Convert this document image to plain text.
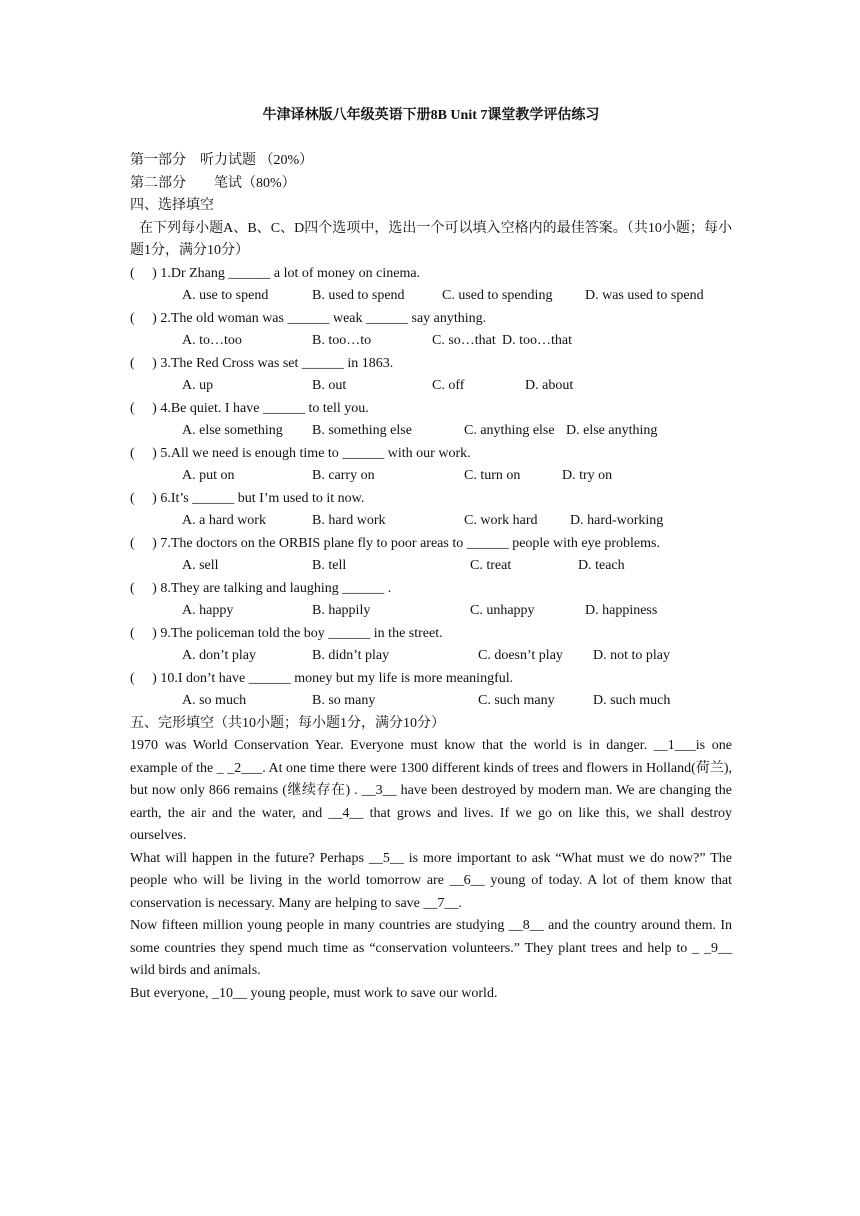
牛津译林版八年级英语下册8B Unit 7课堂教学评估练习
第一部分　听力试题 （20%）
第二部分　　笔试（80%）
四、选择填空
在下列每小题A、B、C、D四个选项中，选出一个可以填入空格内的最佳答案。（共10小题；每小题1分，满分10分）
(　 ) 1.Dr Zhang ______ a lot of money on cinema.
A. use to spend	B. used to spend	C. used to spending D. was used to spend
(　 ) 2.The old woman was ______ weak ______ say anything.
A. to…too	B. too…to	C. so…that D. too…that
(　 ) 3.The Red Cross was set ______ in 1863.
A. up	B. out	C. off	D. about
(　 ) 4.Be quiet. I have ______ to tell you.
A. else something B. something else	C. anything else D. else anything
(　 ) 5.All we need is enough time to ______ with our work.
A. put on	B. carry on	C. turn on	D. try on
(　 ) 6.It’s ______ but I’m used to it now.
A. a hard work	B. hard work	C. work hard D. hard-working
(　 ) 7.The doctors on the ORBIS plane fly to poor areas to ______ people with eye problems.
A. sell	B. tell	C. treat	D. teach
(　 ) 8.They are talking and laughing ______ .
A. happy	B. happily	C. unhappy	D. happiness
(　 ) 9.The policeman told the boy ______ in the street.
A. don’t play	B. didn’t play	C. doesn’t play D. not to play
(　 ) 10.I don’t have ______ money but my life is more meaningful.
A. so much	B. so many	C. such many	D. such much
五、完形填空（共10小题；每小题1分，满分10分）

1970 was World Conservation Year. Everyone must know that the world is in danger. __1___is one example of the _ _2___. At one time there were 1300 different kinds of trees and flowers in Holland(荷兰), but now only 866 remains (继续存在) . __3__ have been destroyed by modern man. We are changing the earth, the air and the water, and __4__ that grows and lives. If we go on like this, we shall destroy ourselves.

What will happen in the future? Perhaps __5__ is more important to ask “What must we do now?” The people who will be living in the world tomorrow are __6__ young of today. A lot of them know that conservation is necessary. Many are helping to save __7__.

Now fifteen million young people in many countries are studying __8__ and the country around them. In some countries they spend much time as “conservation volunteers.” They plant trees and help to _ _9__ wild birds and animals.

But everyone, _10__ young people, must work to save our world.
